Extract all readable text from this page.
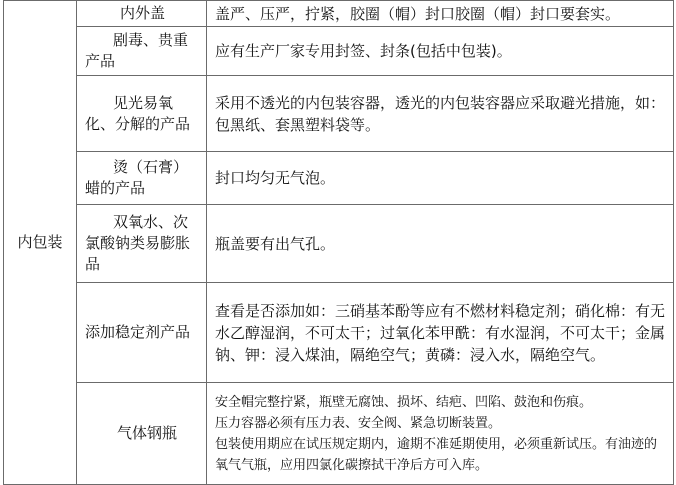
内包装	内外盖	盖严、压严，拧紧，胶圈（帽）封口胶圈（帽）封口要套实。
	剧毒、贵重产品	应有生产厂家专用封签、封条(包括中包装)。
	见光易氧化、分解的产品	采用不透光的内包装容器，透光的内包装容器应采取避光措施，如：包黑纸、套黑塑料袋等。
	烫（石膏）蜡的产品	封口均匀无气泡。
	双氧水、次氯酸钠类易膨胀品	瓶盖要有出气孔。
	添加稳定剂产品	查看是否添加如：三硝基苯酚等应有不燃材料稳定剂；硝化棉：有无水乙醇湿润，不可太干；过氧化苯甲酰：有水湿润，不可太干；金属钠、钾：浸入煤油，隔绝空气；黄磷：浸入水，隔绝空气。
	气体钢瓶	安全帽完整拧紧，瓶壁无腐蚀、损坏、结疤、凹陷、鼓泡和伤痕。
压力容器必须有压力表、安全阀、紧急切断装置。
包装使用期应在试压规定期内，逾期不准延期使用，必须重新试压。有油迹的氧气气瓶，应用四氯化碳擦拭干净后方可入库。
